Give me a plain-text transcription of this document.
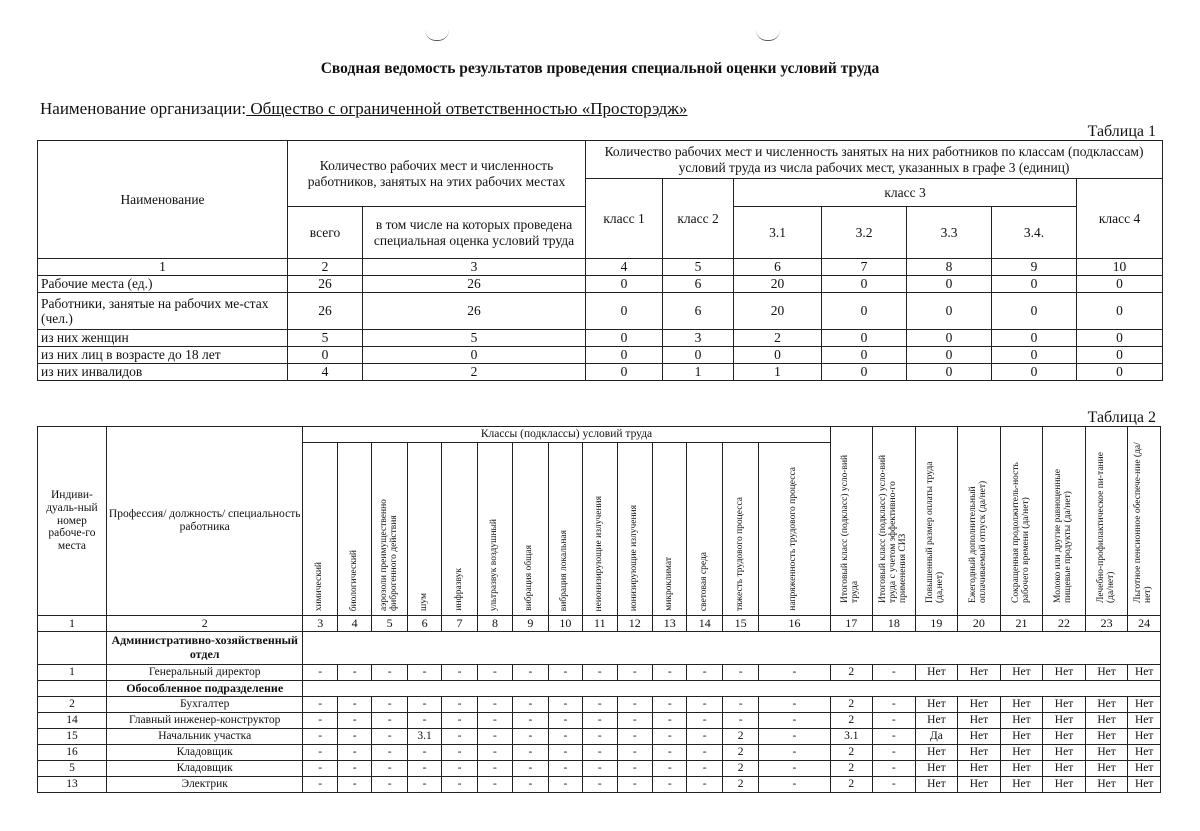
Сводная ведомость результатов проведения специальной оценки условий труда
Наименование организации: Общество с ограниченной ответственностью «Просторэдж»
Таблица 1
Наименование	Количество рабочих мест и численность работников, занятых на этих рабочих местах		Количество рабочих мест и численность занятых на них работников по классам (подклассам) условий труда из числа рабочих мест, указанных в графе 3 (единиц)						
			класс 1	класс 2	класс 3				класс 4
	всего	в том числе на которых проведена специальная оценка условий труда			3.1	3.2	3.3	3.4.	
1	2	3	4	5	6	7	8	9	10
Рабочие места (ед.)	26	26	0	6	20	0	0	0	0
Работники, занятые на рабочих ме-стах (чел.)	26	26	0	6	20	0	0	0	0
из них женщин	5	5	0	3	2	0	0	0	0
из них лиц в возрасте до 18 лет	0	0	0	0	0	0	0	0	0
из них инвалидов	4	2	0	1	1	0	0	0	0
Таблица 2
Индиви-дуаль-ный номер рабоче-го места	Профессия/ должность/ специальность работника	Классы (подклассы) условий труда														Итоговый класс (подкласс) усло-вий труда	Итоговый класс (подкласс) усло-вий труда с учетом эффективно-го применения СИЗ	Повышенный размер оплаты труда (да,нет)	Ежегодный дополнительный оплачиваемый отпуск (да/нет)	Сокращенная продолжитель-ность рабочего времени (да/нет)	Молоко или другие равноценные пищевые продукты (да/нет)	Лечебно-профилактическое пи-тание (да/нет)	Льготное пенсионное обеспече-ние (да/нет)
		химический	биологический	аэрозоли преимущественно фиброгенного действия	шум	инфразвук	ультразвук воздушный	вибрация общая	вибрация локальная	неионизирующие излучения	ионизирующие излучения	микроклимат	световая среда	тяжесть трудового процесса	напряженность трудового процесса								
1	2	3	4	5	6	7	8	9	10	11	12	13	14	15	16	17	18	19	20	21	22	23	24
	Административно-хозяйственный отдел																						
1	Генеральный директор	-	-	-	-	-	-	-	-	-	-	-	-	-	-	2	-	Нет	Нет	Нет	Нет	Нет	Нет
	Обособленное подразделение																						
2	Бухгалтер	-	-	-	-	-	-	-	-	-	-	-	-	-	-	2	-	Нет	Нет	Нет	Нет	Нет	Нет
14	Главный инженер-конструктор	-	-	-	-	-	-	-	-	-	-	-	-	-	-	2	-	Нет	Нет	Нет	Нет	Нет	Нет
15	Начальник участка	-	-	-	3.1	-	-	-	-	-	-	-	-	2	-	3.1	-	Да	Нет	Нет	Нет	Нет	Нет
16	Кладовщик	-	-	-	-	-	-	-	-	-	-	-	-	2	-	2	-	Нет	Нет	Нет	Нет	Нет	Нет
5	Кладовщик	-	-	-	-	-	-	-	-	-	-	-	-	2	-	2	-	Нет	Нет	Нет	Нет	Нет	Нет
13	Электрик	-	-	-	-	-	-	-	-	-	-	-	-	2	-	2	-	Нет	Нет	Нет	Нет	Нет	Нет
